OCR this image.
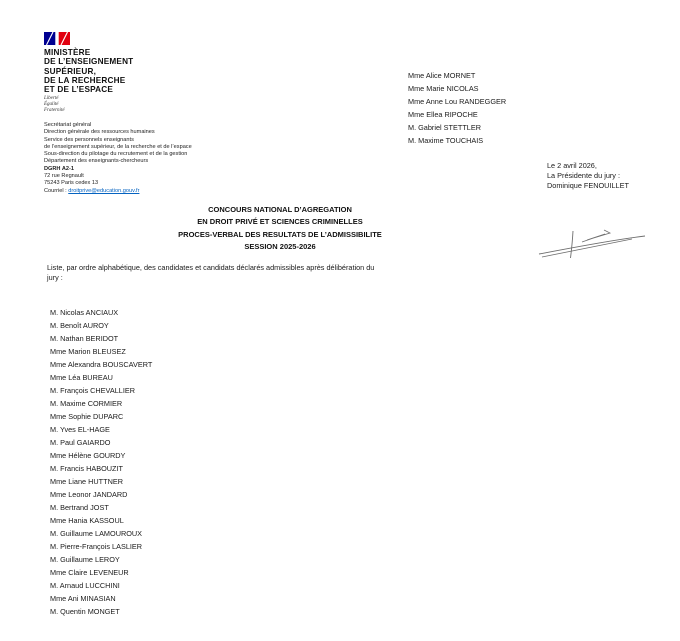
MINISTÈRE
DE L’ENSEIGNEMENT
SUPÉRIEUR,
DE LA RECHERCHE
ET DE L’ESPACE
Liberté
Égalité
Fraternité
Secrétariat général
Direction générale des ressources humaines
Service des personnels enseignants
de l’enseignement supérieur, de la recherche et de l’espace
Sous-direction du pilotage du recrutement et de la gestion
Département des enseignants-chercheurs
DGRH A2-1
72 rue Regnault
75243 Paris cedex 13
Courriel : droitprive@education.gouv.fr
Mme Alice MORNET
Mme Marie NICOLAS
Mme Anne Lou RANDEGGER
Mme Ellea RIPOCHE
M. Gabriel STETTLER
M. Maxime TOUCHAIS
Le 2 avril 2026,
La Présidente du jury :
Dominique FENOUILLET
CONCOURS NATIONAL D’AGREGATION
EN DROIT PRIVÉ ET SCIENCES CRIMINELLES
PROCES-VERBAL DES RESULTATS DE L’ADMISSIBILITE
SESSION 2025-2026

Liste, par ordre alphabétique, des candidates et candidats déclarés admissibles après délibération du jury :

M. Nicolas ANCIAUX
M. Benoît AUROY
M. Nathan BERIDOT
Mme Marion BLEUSEZ
Mme Alexandra BOUSCAVERT
Mme Léa BUREAU
M. François CHEVALLIER
M. Maxime CORMIER
Mme Sophie DUPARC
M. Yves EL-HAGE
M. Paul GAIARDO
Mme Hélène GOURDY
M. Francis HABOUZIT
Mme Liane HUTTNER
Mme Leonor JANDARD
M. Bertrand JOST
Mme Hania KASSOUL
M. Guillaume LAMOUROUX
M. Pierre-François LASLIER
M. Guillaume LEROY
Mme Claire LEVENEUR
M. Arnaud LUCCHINI
Mme Ani MINASIAN
M. Quentin MONGET
